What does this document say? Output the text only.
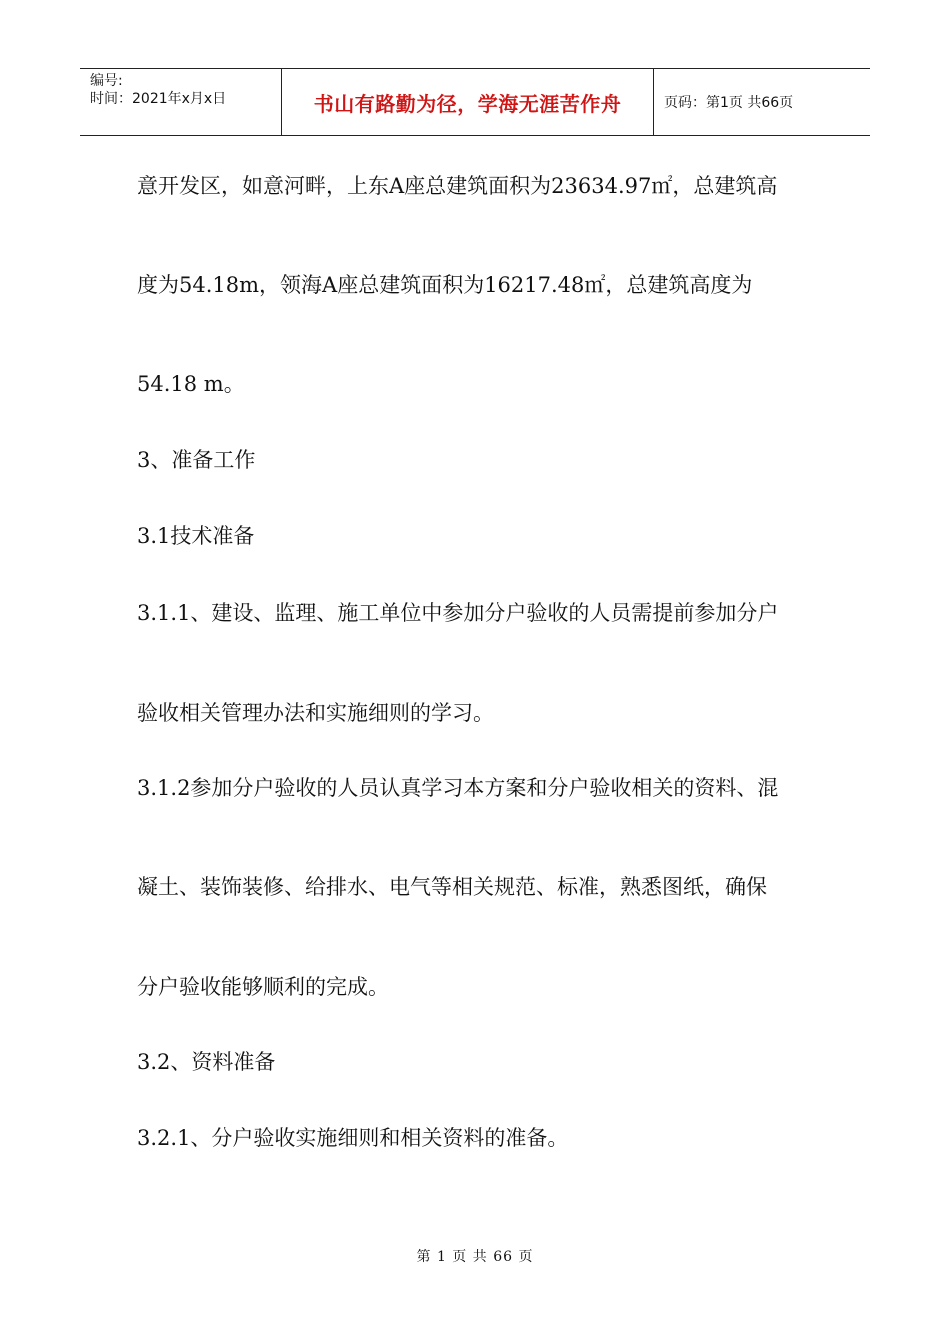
编号:
时间：2021年x月x日	书山有路勤为径，学海无涯苦作舟	页码：第1页 共66页
意开发区，如意河畔，上东A座总建筑面积为23634.97㎡，总建筑高
度为54.18m，领海A座总建筑面积为16217.48㎡，总建筑高度为
54.18 m。
3、准备工作
3.1技术准备
3.1.1、建设、监理、施工单位中参加分户验收的人员需提前参加分户
验收相关管理办法和实施细则的学习。
3.1.2参加分户验收的人员认真学习本方案和分户验收相关的资料、混
凝土、装饰装修、给排水、电气等相关规范、标准，熟悉图纸，确保
分户验收能够顺利的完成。
3.2、资料准备
3.2.1、分户验收实施细则和相关资料的准备。
第 1 页 共 66 页
